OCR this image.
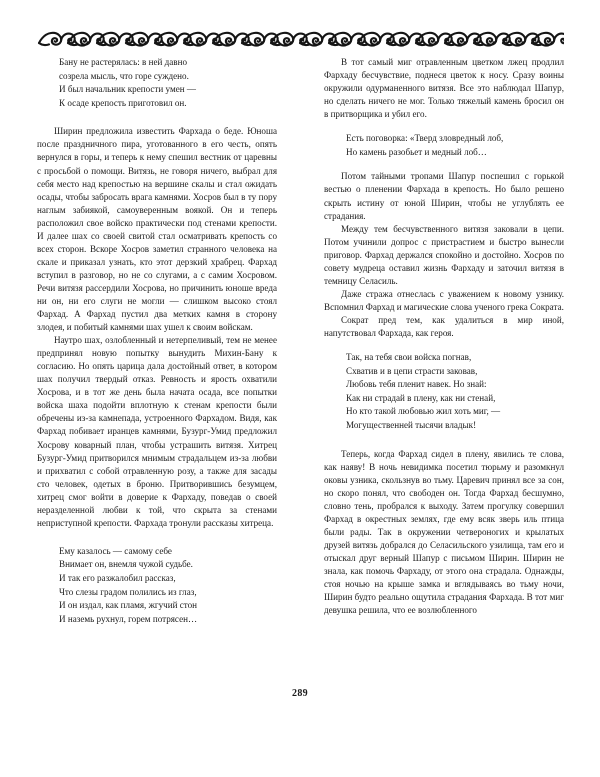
Бану не растерялась: в ней давно
созрела мысль, что горе суждено.
И был начальник крепости умен —
К осаде крепость приготовил он.

Ширин предложила известить Фархада о беде. Юноша после праздничного пира, уготованного в его честь, опять вернулся в горы, и теперь к нему спешил вестник от царевны с просьбой о помощи. Витязь, не говоря ничего, выбрал для себя место над крепостью на вершине скалы и стал ожидать осады, чтобы забросать врага камнями. Хосров был в ту пору наглым забиякой, самоуверенным воякой. Он и теперь расположил свое войско практически под стенами крепости. И далее шах со своей свитой стал осматривать крепость со всех сторон. Вскоре Хосров заметил странного человека на скале и приказал узнать, кто этот дерзкий храбрец. Фархад вступил в разговор, но не со слугами, а с самим Хосровом. Речи витязя рассердили Хосрова, но причинить юноше вреда ни он, ни его слуги не могли — слишком высоко стоял Фархад. А Фархад пустил два метких камня в сторону злодея, и побитый камнями шах ушел к своим войскам.

Наутро шах, озлобленный и нетерпеливый, тем не менее предпринял новую попытку вынудить Михин-Бану к согласию. Но опять царица дала достойный ответ, в котором шах получил твердый отказ. Ревность и ярость охватили Хосрова, и в тот же день была начата осада, все попытки войска шаха подойти вплотную к стенам крепости были обречены из-за камнепада, устроенного Фархадом. Видя, как Фархад побивает иранцев камнями, Бузург-Умид предложил Хосрову коварный план, чтобы устрашить витязя. Хитрец Бузург-Умид притворился мнимым страдальцем из-за любви и прихватил с собой отравленную розу, а также для засады сто человек, одетых в броню. Притворившись безумцем, хитрец смог войти в доверие к Фархаду, поведав о своей неразделенной любви к той, что скрыта за стенами неприступной крепости. Фархада тронули рассказы хитреца.

Ему казалось — самому себе
Внимает он, внемля чужой судьбе.
И так его разжалобил рассказ,
Что слезы градом полились из глаз,
И он издал, как пламя, жгучий стон
И наземь рухнул, горем потрясен…

В тот самый миг отравленным цветком лжец продлил Фархаду бесчувствие, поднеся цветок к носу. Сразу воины окружили одурманенного витязя. Все это наблюдал Шапур, но сделать ничего не мог. Только тяжелый камень бросил он в притворщика и убил его.

Есть поговорка: «Тверд зловредный лоб,
Но камень разобьет и медный лоб…

Потом тайными тропами Шапур поспешил с горькой вестью о пленении Фархада в крепость. Но было решено скрыть истину от юной Ширин, чтобы не углублять ее страдания.

Между тем бесчувственного витязя заковали в цепи. Потом учинили допрос с пристрастием и быстро вынесли приговор. Фархад держался спокойно и достойно. Хосров по совету мудреца оставил жизнь Фархаду и заточил витязя в темницу Селасиль.

Даже стража отнеслась с уважением к новому узнику. Вспомнил Фархад и магические слова ученого грека Сократа.

Сократ пред тем, как удалиться в мир иной, напутствовал Фархада, как героя.

Так, на тебя свои войска погнав,
Схватив и в цепи страсти заковав,
Любовь тебя пленит навек. Но знай:
Как ни страдай в плену, как ни стенай,
Но кто такой любовью жил хоть миг, —
Могущественней тысячи владык!

Теперь, когда Фархад сидел в плену, явились те слова, как наяву! В ночь невидимка посетил тюрьму и разомкнул оковы узника, скользнув во тьму. Царевич принял все за сон, но скоро понял, что свободен он. Тогда Фархад бесшумно, словно тень, пробрался к выходу. Затем прогулку совершил Фархад в окрестных землях, где ему всяк зверь иль птица были рады. Так в окружении четвероногих и крылатых друзей витязь добрался до Селасильского узилища, там его и отыскал друг верный Шапур с письмом Ширин. Ширин не знала, как помочь Фархаду, от этого она страдала. Однажды, стоя ночью на крыше замка и вглядываясь во тьму ночи, Ширин будто реально ощутила страдания Фархада. В тот миг девушка решила, что ее возлюбленного

289
